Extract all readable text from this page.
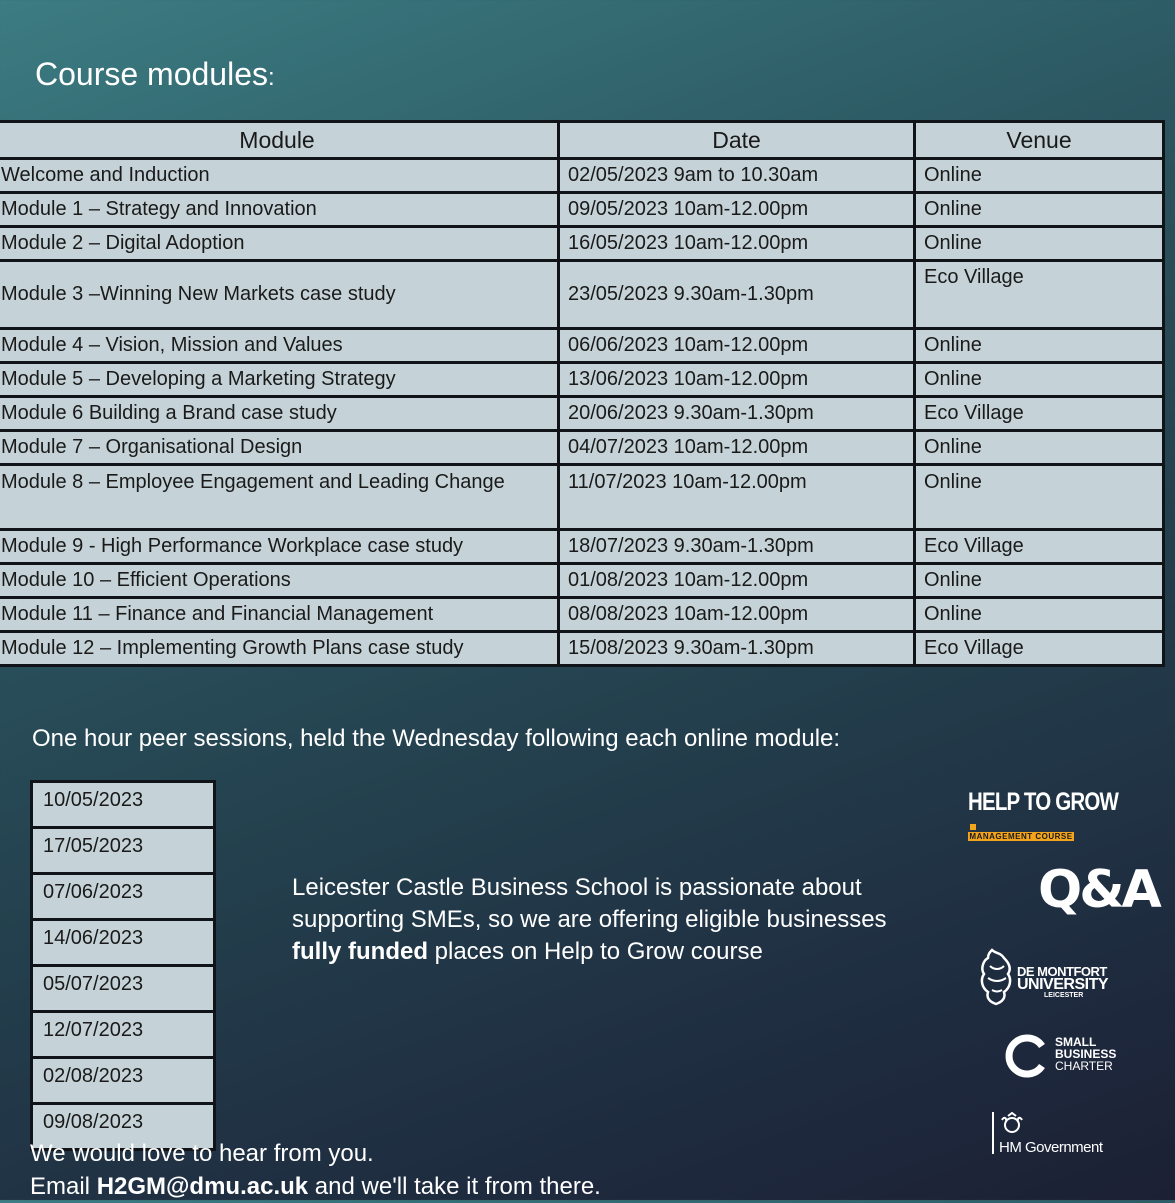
Course modules:
Module	Date	Venue
Welcome and Induction	02/05/2023 9am to 10.30am	Online
Module 1 – Strategy and Innovation	09/05/2023 10am-12.00pm	Online
Module 2 – Digital Adoption	16/05/2023 10am-12.00pm	Online
Module 3 –Winning New Markets case study	23/05/2023 9.30am-1.30pm	Eco Village
Module 4 – Vision, Mission and Values	06/06/2023 10am-12.00pm	Online
Module 5 – Developing a Marketing Strategy	13/06/2023 10am-12.00pm	Online
Module 6 Building a Brand case study	20/06/2023 9.30am-1.30pm	Eco Village
Module 7 – Organisational Design	04/07/2023 10am-12.00pm	Online
Module 8 – Employee Engagement and Leading Change	11/07/2023 10am-12.00pm	Online
Module 9 - High Performance Workplace case study	18/07/2023 9.30am-1.30pm	Eco Village
Module 10 – Efficient Operations	01/08/2023 10am-12.00pm	Online
Module 11 – Finance and Financial Management	08/08/2023 10am-12.00pm	Online
Module 12 – Implementing Growth Plans case study	15/08/2023 9.30am-1.30pm	Eco Village
One hour peer sessions, held the Wednesday following each online module:
10/05/2023
17/05/2023
07/06/2023
14/06/2023
05/07/2023
12/07/2023
02/08/2023
09/08/2023
Leicester Castle Business School is passionate about supporting SMEs, so we are offering eligible businesses fully funded places on Help to Grow course
We would love to hear from you.
Email H2GM@dmu.ac.uk and we'll take it from there.
HELP TO GROW
MANAGEMENT COURSE
Q&A
DE MONTFORT
UNIVERSITY
LEICESTER
SMALL
BUSINESS
CHARTER
HM Government
